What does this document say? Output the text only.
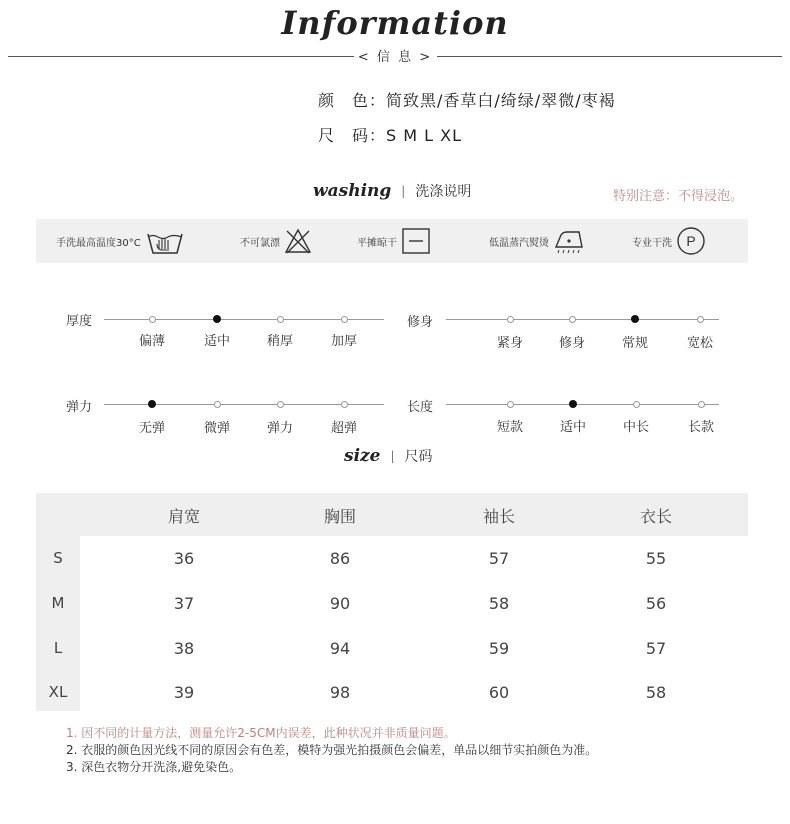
Information
< 信 息 >
颜　色：简致黑/香草白/绮绿/翠微/枣褐
尺　码：S M L XL
washing | 洗涤说明	特别注意：不得浸泡。
手洗最高温度30°C	不可氯漂	平摊晾干	低温蒸汽熨烫	专业干洗 P
厚度	修身
弹力	长度
size | 尺码
肩宽	胸围	袖长	衣长
S	36	86	57	55
M	37	90	58	56
L	38	94	59	57
XL	39	98	60	58
1. 因不同的计量方法，测量允许2-5CM内误差，此种状况并非质量问题。
2. 衣服的颜色因光线不同的原因会有色差，模特为强光拍摄颜色会偏差，单品以细节实拍颜色为准。
3. 深色衣物分开洗涤,避免染色。
偏薄	适中	稍厚	加厚	紧身	修身	常规	宽松
无弹	微弹	弹力	超弹	短款	适中	中长	长款
